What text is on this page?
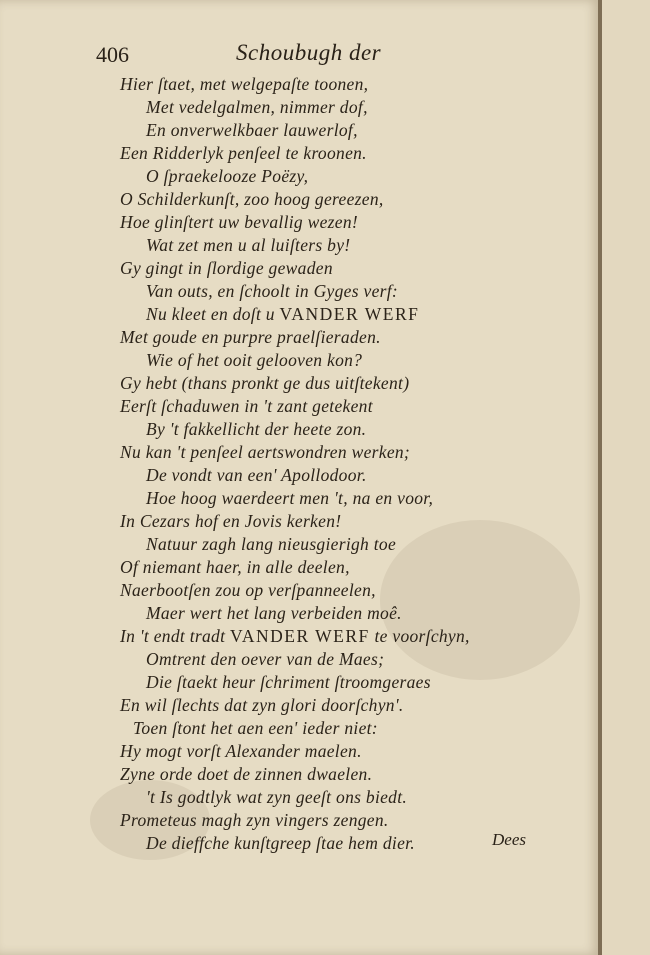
406	Schoubugh der
Hier ſtaet, met welgepaſte toonen,
Met vedelgalmen, nimmer dof,
En onverwelkbaer lauwerlof,
Een Ridderlyk penſeel te kroonen.
O ſpraekelooze Poëzy,
O Schilderkunſt, zoo hoog gereezen,
Hoe glinſtert uw bevallig wezen!
Wat zet men u al luiſters by!
Gy gingt in ſlordige gewaden
Van outs, en ſchoolt in Gyges verf:
Nu kleet en doſt u VANDER WERF
Met goude en purpre praelſieraden.
Wie of het ooit gelooven kon?
Gy hebt (thans pronkt ge dus uitſtekent)
Eerſt ſchaduwen in 't zant getekent
By 't fakkellicht der heete zon.
Nu kan 't penſeel aertswondren werken;
De vondt van een' Apollodoor.
Hoe hoog waerdeert men 't, na en voor,
In Cezars hof en Jovis kerken!
Natuur zagh lang nieusgierigh toe
Of niemant haer, in alle deelen,
Naerbootſen zou op verſpanneelen,
Maer wert het lang verbeiden moê.
In 't endt tradt VANDER WERF te voorſchyn,
Omtrent den oever van de Maes;
Die ſtaekt heur ſchriment ſtroomgeraes
En wil ſlechts dat zyn glori doorſchyn'.
Toen ſtont het aen een' ieder niet:
Hy mogt vorſt Alexander maelen.
Zyne orde doet de zinnen dwaelen.
't Is godtlyk wat zyn geeſt ons biedt.
Prometeus magh zyn vingers zengen.
De dieffche kunſtgreep ſtae hem dier.	Dees
